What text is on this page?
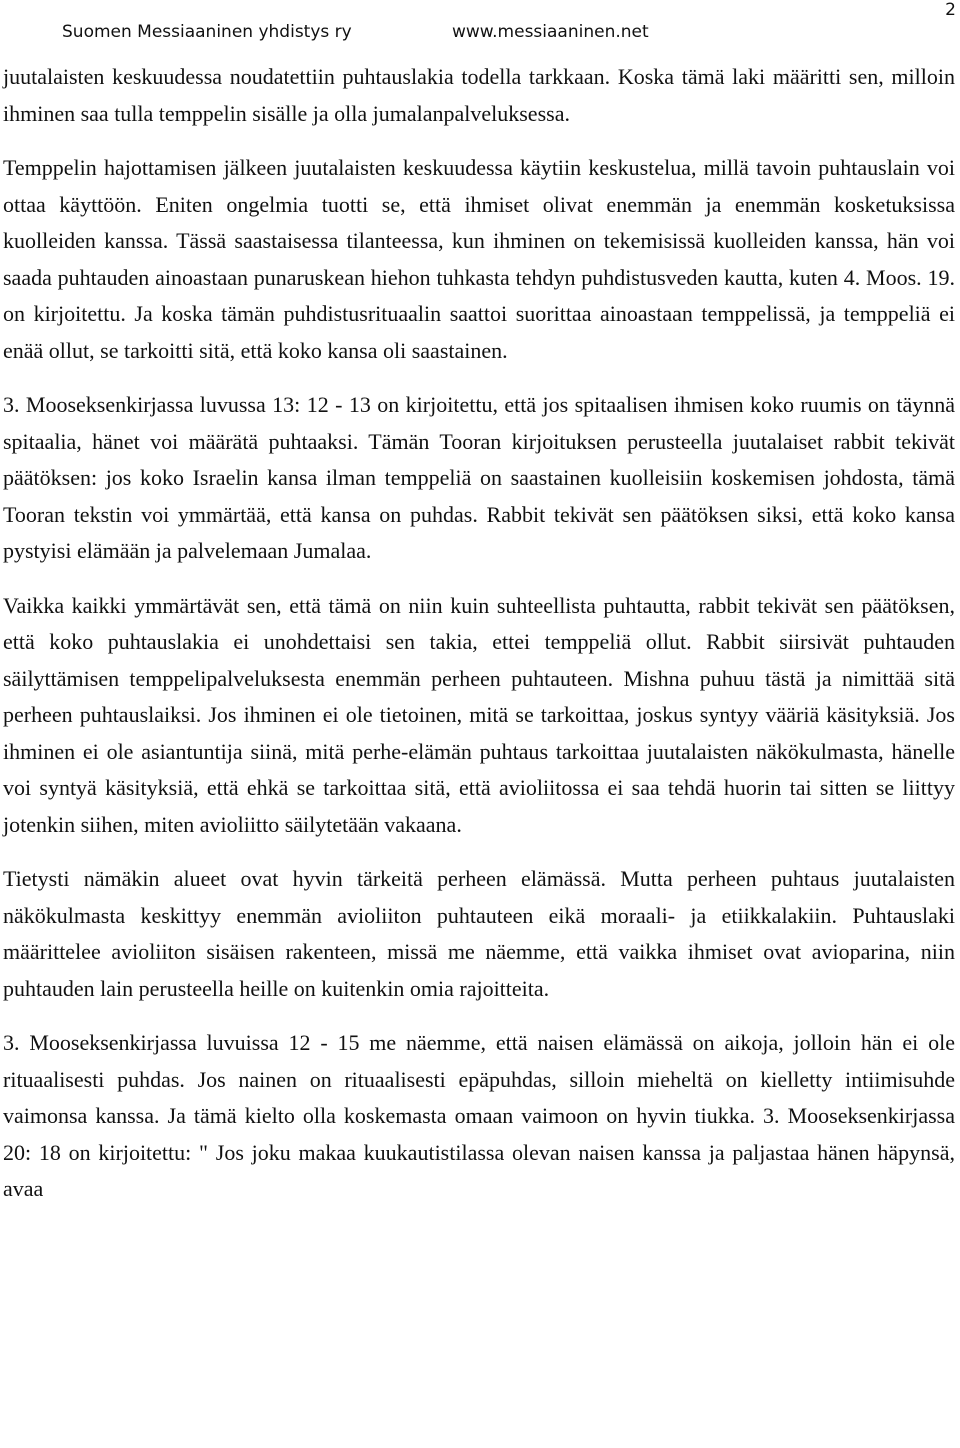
Suomen Messiaaninen yhdistys ry	www.messiaaninen.net
2

juutalaisten keskuudessa noudatettiin puhtauslakia todella tarkkaan. Koska tämä laki määritti sen, milloin ihminen saa tulla temppelin sisälle ja olla jumalanpalveluksessa.

Temppelin hajottamisen jälkeen juutalaisten keskuudessa käytiin keskustelua, millä tavoin puhtauslain voi ottaa käyttöön. Eniten ongelmia tuotti se, että ihmiset olivat enemmän ja enemmän kosketuksissa kuolleiden kanssa. Tässä saastaisessa tilanteessa, kun ihminen on tekemisissä kuolleiden kanssa, hän voi saada puhtauden ainoastaan punaruskean hiehon tuhkasta tehdyn puhdistusveden kautta, kuten 4. Moos. 19. on kirjoitettu. Ja koska tämän puhdistusrituaalin saattoi suorittaa ainoastaan temppelissä, ja temppeliä ei enää ollut, se tarkoitti sitä, että koko kansa oli saastainen.

3. Mooseksenkirjassa luvussa 13: 12 - 13 on kirjoitettu, että jos spitaalisen ihmisen koko ruumis on täynnä spitaalia, hänet voi määrätä puhtaaksi. Tämän Tooran kirjoituksen perusteella juutalaiset rabbit tekivät päätöksen: jos koko Israelin kansa ilman temppeliä on saastainen kuolleisiin koskemisen johdosta, tämä Tooran tekstin voi ymmärtää, että kansa on puhdas. Rabbit tekivät sen päätöksen siksi, että koko kansa pystyisi elämään ja palvelemaan Jumalaa.

Vaikka kaikki ymmärtävät sen, että tämä on niin kuin suhteellista puhtautta, rabbit tekivät sen päätöksen, että koko puhtauslakia ei unohdettaisi sen takia, ettei temppeliä ollut. Rabbit siirsivät puhtauden säilyttämisen temppelipalveluksesta enemmän perheen puhtauteen. Mishna puhuu tästä ja nimittää sitä perheen puhtauslaiksi. Jos ihminen ei ole tietoinen, mitä se tarkoittaa, joskus syntyy vääriä käsityksiä. Jos ihminen ei ole asiantuntija siinä, mitä perhe-elämän puhtaus tarkoittaa juutalaisten näkökulmasta, hänelle voi syntyä käsityksiä, että ehkä se tarkoittaa sitä, että avioliitossa ei saa tehdä huorin tai sitten se liittyy jotenkin siihen, miten avioliitto säilytetään vakaana.

Tietysti nämäkin alueet ovat hyvin tärkeitä perheen elämässä. Mutta perheen puhtaus juutalaisten näkökulmasta keskittyy enemmän avioliiton puhtauteen eikä moraali- ja etiikkalakiin. Puhtauslaki määrittelee avioliiton sisäisen rakenteen, missä me näemme, että vaikka ihmiset ovat avioparina, niin puhtauden lain perusteella heille on kuitenkin omia rajoitteita.

3. Mooseksenkirjassa luvuissa 12 - 15 me näemme, että naisen elämässä on aikoja, jolloin hän ei ole rituaalisesti puhdas. Jos nainen on rituaalisesti epäpuhdas, silloin mieheltä on kielletty intiimisuhde vaimonsa kanssa. Ja tämä kielto olla koskemasta omaan vaimoon on hyvin tiukka. 3. Mooseksenkirjassa 20: 18 on kirjoitettu: " Jos joku makaa kuukautistilassa olevan naisen kanssa ja paljastaa hänen häpynsä, avaa
